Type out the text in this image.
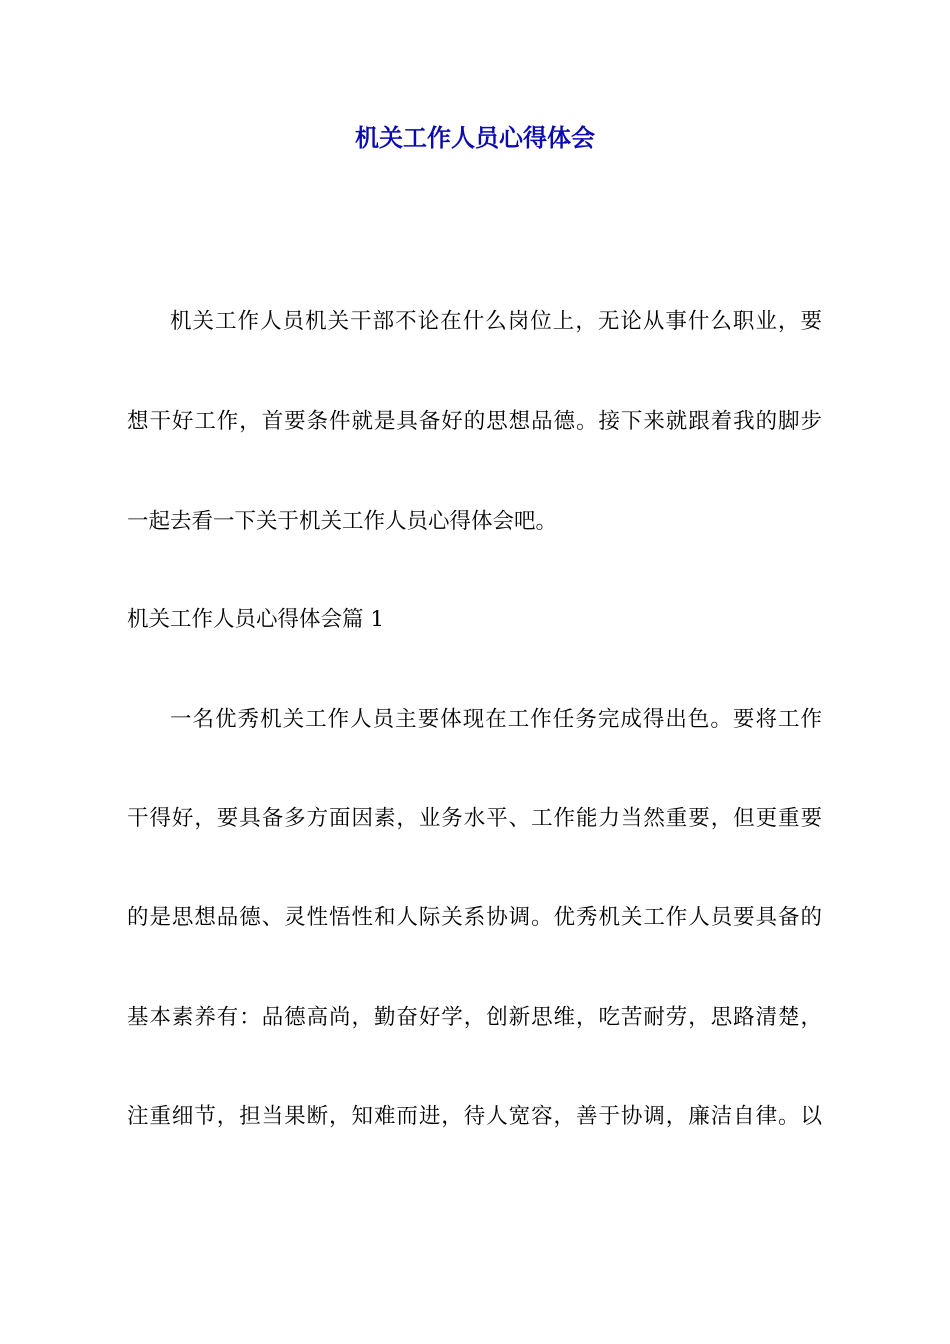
机关工作人员心得体会
机关工作人员机关干部不论在什么岗位上，无论从事什么职业，要
想干好工作，首要条件就是具备好的思想品德。接下来就跟着我的脚步
一起去看一下关于机关工作人员心得体会吧。
机关工作人员心得体会篇 1
一名优秀机关工作人员主要体现在工作任务完成得出色。要将工作
干得好，要具备多方面因素，业务水平、工作能力当然重要，但更重要
的是思想品德、灵性悟性和人际关系协调。优秀机关工作人员要具备的
基本素养有：品德高尚，勤奋好学，创新思维，吃苦耐劳，思路清楚，
注重细节，担当果断，知难而进，待人宽容，善于协调，廉洁自律。以
